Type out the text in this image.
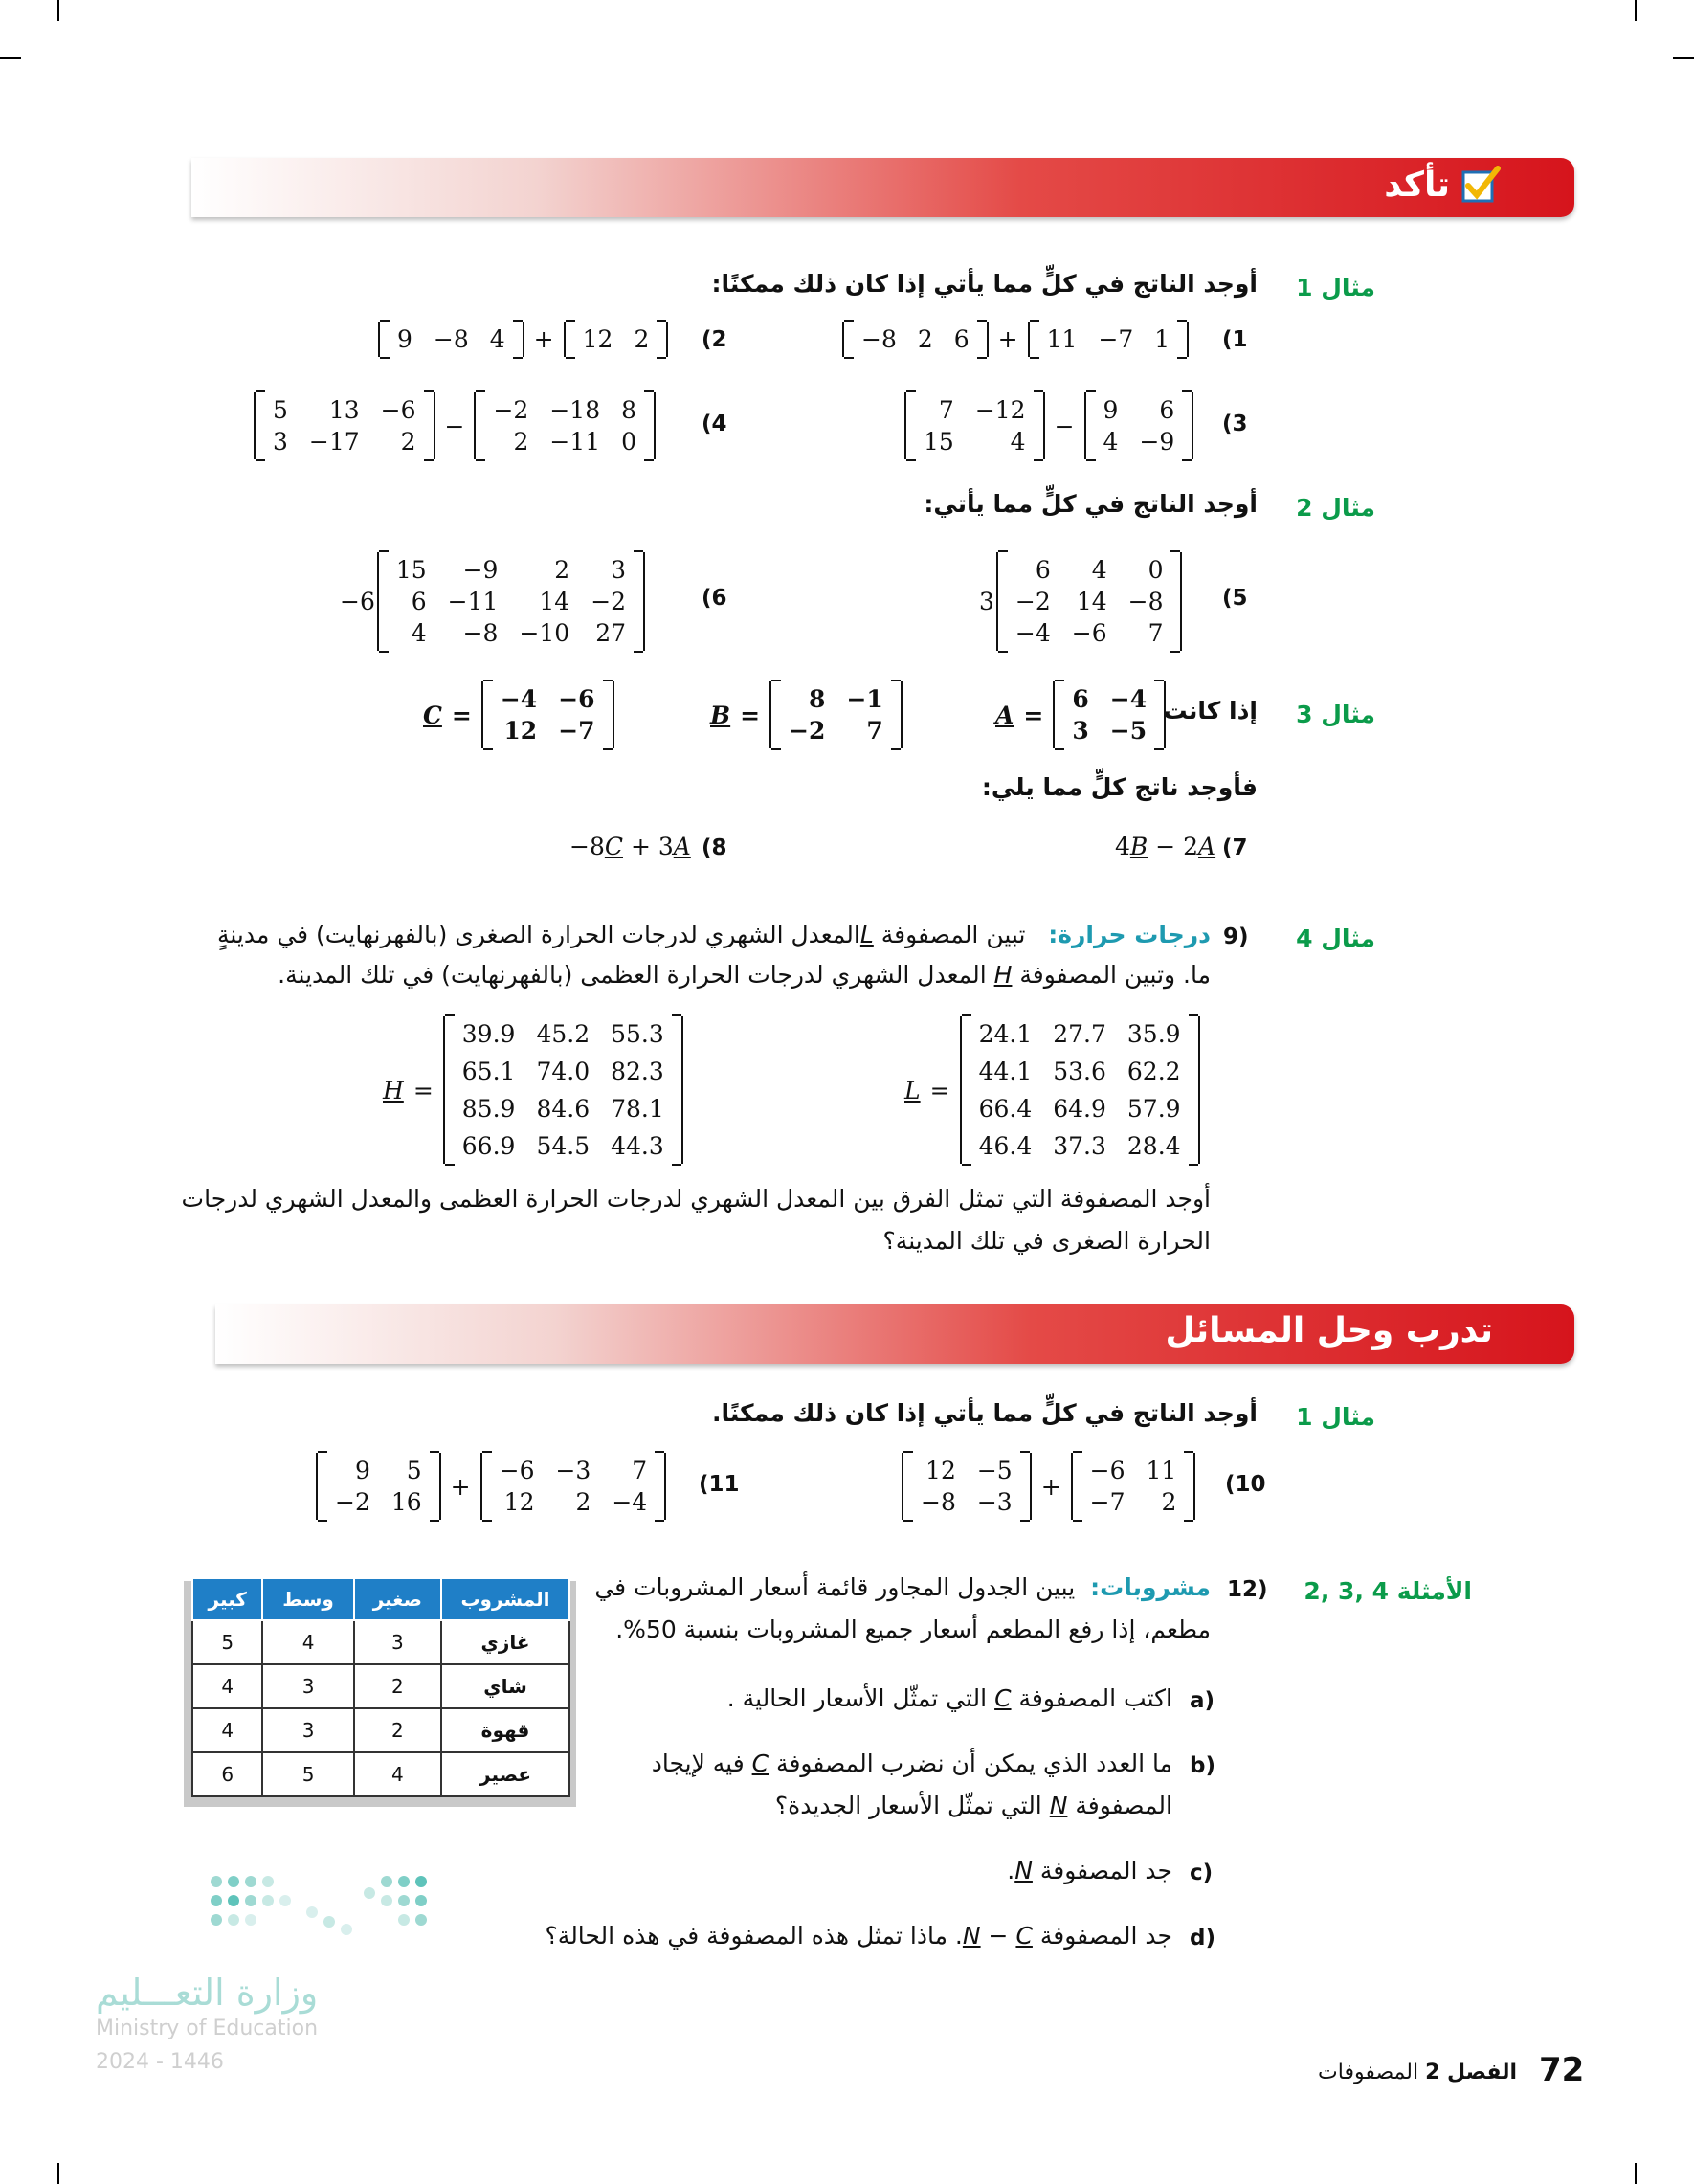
تأكد
مثال 1
أوجد الناتج في كلٍّ مما يأتي إذا كان ذلك ممكنًا:
(1
−8 2 6 + 11 −7 1
(2
9 −8 4 + 12 2
(3
7 −12
15	4
−
9	6
4 −9
(4
5	13 −6
3 −17	2
−
−2 −18 8
2 −11 0
مثال 2
أوجد الناتج في كلٍّ مما يأتي:
(5
3
6	4	0
−2 14 −8
−4 −6	7
(6
−6
15	−9	2	3
6 −11	14 −2
4	−8 −10 27
مثال 3
إذا كانت
A =
6 −4
3 −5
B =
8 −1
−2	7
C =
−4 −6
12 −7
فأوجد ناتج كلٍّ مما يلي:
(7
4B − 2A
(8
−8C + 3A
مثال 4
9)
درجات حرارة:   تبين المصفوفة Lالمعدل الشهري لدرجات الحرارة الصغرى (بالفهرنهايت) في مدينةٍ
ما. وتبين المصفوفة H المعدل الشهري لدرجات الحرارة العظمى (بالفهرنهايت) في تلك المدينة.
L =
24.1 27.7 35.9
44.1 53.6 62.2
66.4 64.9 57.9
46.4 37.3 28.4
H =
39.9 45.2 55.3
65.1 74.0 82.3
85.9 84.6 78.1
66.9 54.5 44.3
أوجد المصفوفة التي تمثل الفرق بين المعدل الشهري لدرجات الحرارة العظمى والمعدل الشهري لدرجات
الحرارة الصغرى في تلك المدينة؟
تدرب وحل المسائل
مثال 1
أوجد الناتج في كلٍّ مما يأتي إذا كان ذلك ممكنًا.
(10
12 −5
−8 −3
+
−6 11
−7	2
(11
9	5
−2 16
+
−6 −3	7
12	2 −4
الأمثلة 4 ,3 ,2
12)
مشروبات:  يبين الجدول المجاور قائمة أسعار المشروبات في
مطعم، إذا رفع المطعم أسعار جميع المشروبات بنسبة 50%.
a)
اكتب المصفوفة C التي تمثّل الأسعار الحالية .
b)
ما العدد الذي يمكن أن نضرب المصفوفة C فيه لإيجاد
المصفوفة N التي تمثّل الأسعار الجديدة؟
c)
جد المصفوفة N.
d)
جد المصفوفة N − C. ماذا تمثل هذه المصفوفة في هذه الحالة؟
المشروب	صغير	وسط	كبير
غازي	3	4	5
شاي	2	3	4
قهوة	2	3	4
عصير	4	5	6
وزارة التعـــليم
Ministry of Education
2024 - 1446	72
الفصل 2 المصفوفات
